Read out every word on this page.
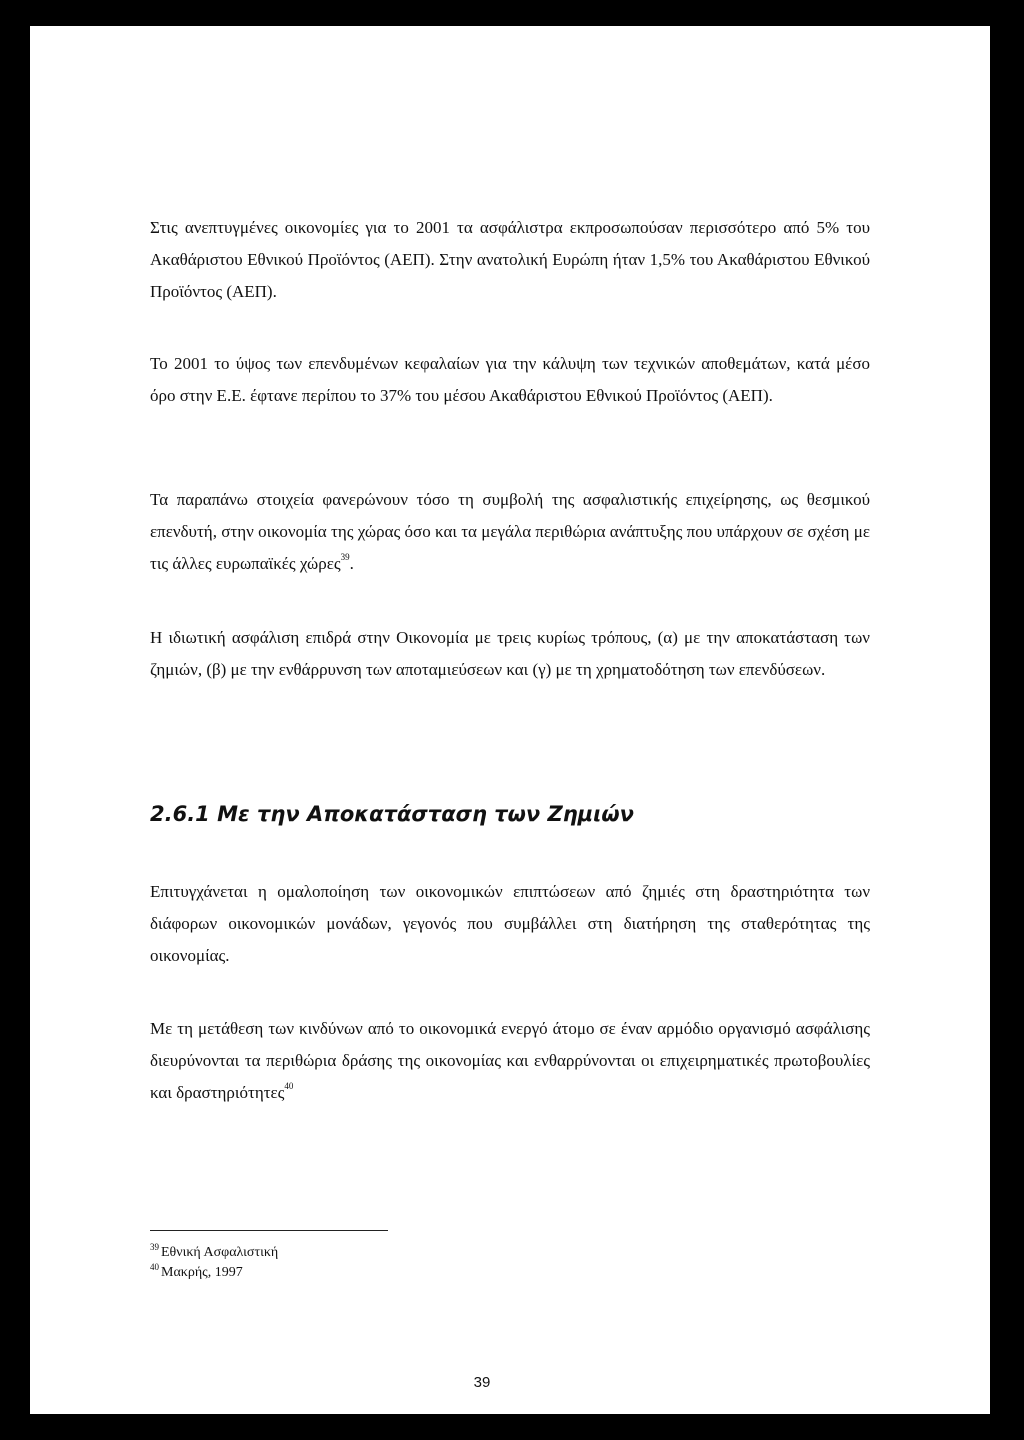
Στις ανεπτυγμένες οικονομίες για το 2001 τα ασφάλιστρα εκπροσωπούσαν περισσότερο από 5% του Ακαθάριστου Εθνικού Προϊόντος (ΑΕΠ). Στην ανατολική Ευρώπη ήταν 1,5% του Ακαθάριστου Εθνικού Προϊόντος (ΑΕΠ).

Το 2001 το ύψος των επενδυμένων κεφαλαίων για την κάλυψη των τεχνικών αποθεμάτων, κατά μέσο όρο στην Ε.Ε. έφτανε περίπου το 37% του μέσου Ακαθάριστου Εθνικού Προϊόντος (ΑΕΠ).

Τα παραπάνω στοιχεία φανερώνουν τόσο τη συμβολή της ασφαλιστικής επιχείρησης, ως θεσμικού επενδυτή, στην οικονομία της χώρας όσο και τα μεγάλα περιθώρια ανάπτυξης που υπάρχουν σε σχέση με τις άλλες ευρωπαϊκές χώρες$^{39}$.

Η ιδιωτική ασφάλιση επιδρά στην Οικονομία με τρεις κυρίως τρόπους, (α) με την αποκατάσταση των ζημιών, (β) με την ενθάρρυνση των αποταμιεύσεων και (γ) με τη χρηματοδότηση των επενδύσεων.

2.6.1 Με την Αποκατάσταση των Ζημιών

Επιτυγχάνεται η ομαλοποίηση των οικονομικών επιπτώσεων από ζημιές στη δραστηριότητα των διάφορων οικονομικών μονάδων, γεγονός που συμβάλλει στη διατήρηση της σταθερότητας της οικονομίας.

Με τη μετάθεση των κινδύνων από το οικονομικά ενεργό άτομο σε έναν αρμόδιο οργανισμό ασφάλισης διευρύνονται τα περιθώρια δράσης της οικονομίας και ενθαρρύνονται οι επιχειρηματικές πρωτοβουλίες και δραστηριότητες$^{40}$

$^{39}$ Εθνική Ασφαλιστική

$^{40}$ Μακρής, 1997

39
